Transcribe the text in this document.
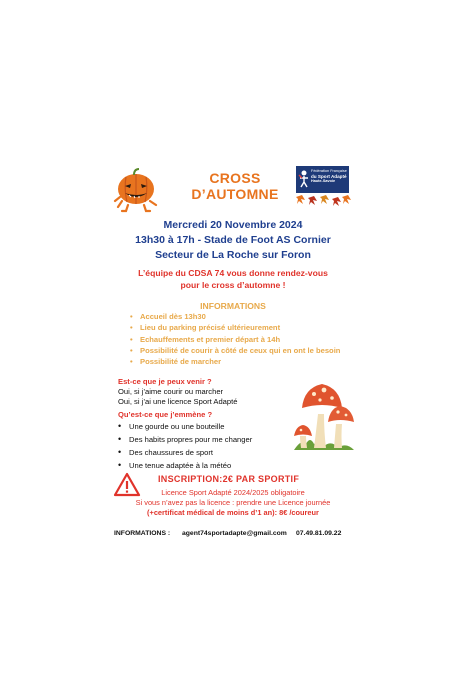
CROSS
D’AUTOMNE
Fédération Française
du Sport Adapté
Haute-Savoie
Mercredi 20 Novembre 2024
13h30 à 17h - Stade de Foot AS Cornier
Secteur de La Roche sur Foron
L’équipe du CDSA 74 vous donne rendez-vous
pour le cross d’automne !
INFORMATIONS
• Accueil dès 13h30
• Lieu du parking précisé ultérieurement
• Echauffements et premier départ à 14h
• Possibilité de courir à côté de ceux qui en ont le besoin
• Possibilité de marcher
Est-ce que je peux venir ?
Oui, si j’aime courir ou marcher
Oui, si j’ai une licence Sport Adapté
Qu’est-ce que j’emmène ?
• Une gourde ou une bouteille
• Des habits propres pour me changer
• Des chaussures de sport
• Une tenue adaptée à la météo
INSCRIPTION:2€ PAR SPORTIF
Licence Sport Adapté 2024/2025 obligatoire
Si vous n’avez pas la licence : prendre une Licence journée
(+certificat médical de moins d’1 an): 8€ /coureur
INFORMATIONS : agent74sportadapte@gmail.com 07.49.81.09.22
